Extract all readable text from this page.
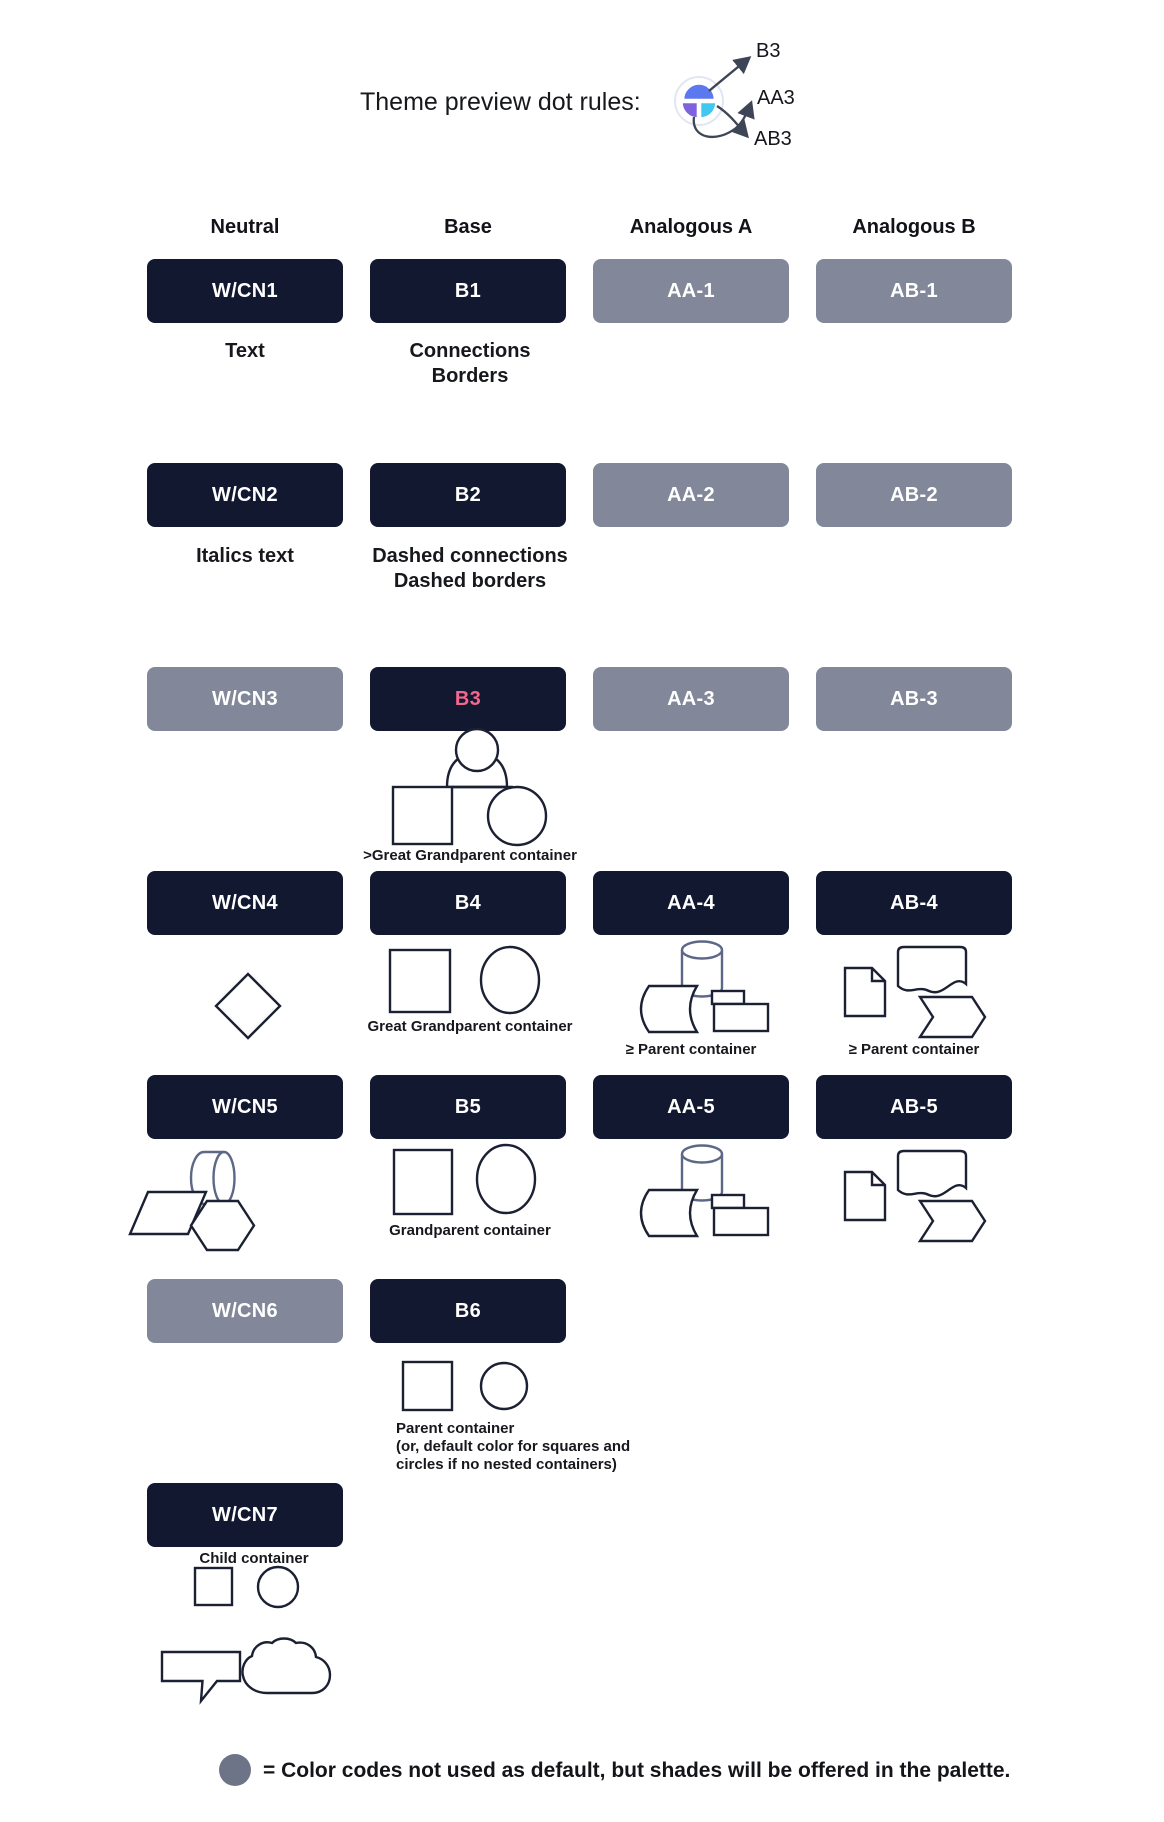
Theme preview dot rules:
B3
AA3
AB3
Neutral	Base	Analogous A	Analogous B
W/CN1	B1	AA-1	AB-1
W/CN2	B2	AA-2	AB-2
W/CN3	B3	AA-3	AB-3
W/CN4	B4	AA-4	AB-4
W/CN5	B5	AA-5	AB-5
W/CN6	B6
W/CN7
Text	Connections
Borders
Italics text	Dashed connections
Dashed borders
>Great Grandparent container
Great Grandparent container
≥ Parent container	≥ Parent container
Grandparent container
Parent container
(or, default color for squares and
circles if no nested containers)
Child container
= Color codes not used as default, but shades will be offered in the palette.
